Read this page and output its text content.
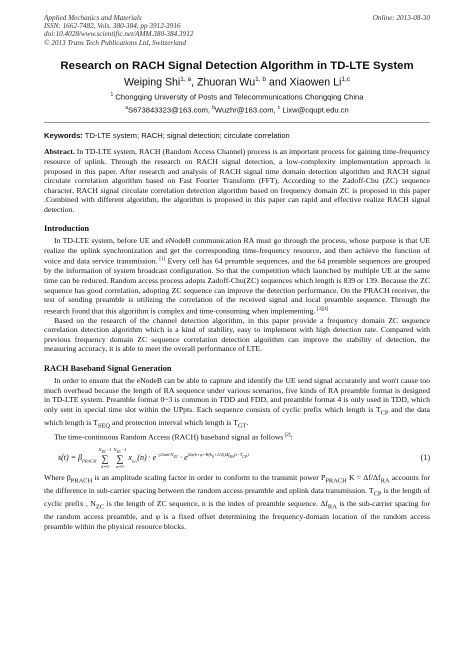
Applied Mechanics and Materials
ISSN: 1662-7482, Vols. 380-384, pp 3912-3916
doi:10.4028/www.scientific.net/AMM.380-384.3912
© 2013 Trans Tech Publications Ltd, Switzerland
Online: 2013-08-30
Research on RACH Signal Detection Algorithm in TD-LTE System
Weiping Shi$^{1, a}$, Zhuoran Wu$^{1, b}$ and Xiaowen Li$^{1,c}$
$^1$ Chongqing University of Posts and Telecommunications Chongqing China
$^a$S673843323@163.com, $^b$Wuzhr@163.com, $^c$ Lixw@cqupt.edu.cn
Keywords: TD-LTE system; RACH; signal detection; circulate correlation

Abstract. In TD-LTE system, RACH (Random Access Channel) process is an important process for gaining time-frequency resource of uplink. Through the research on RACH signal detection, a low-complexity implementation approach is proposed in this paper. After research and analysis of RACH signal time domain detection algorithm and RACH signal circulate correlation algorithm based on Fast Fourier Transform (FFT), According to the Zadoff-Chu (ZC) sequence character, RACH signal circulate correlation detection algorithm based on frequency domain ZC is proposed in this paper .Combined with different algorithm, the algorithm is proposed in this paper can rapid and effective realize RACH signal detection.

Introduction

In TD-LTE system, before UE and eNodeB communication RA must go through the process, whose purpose is that UE realize the uplink synchronization and get the corresponding time-frequency resource, and then achieve the function of voice and data service transmission. [1] Every cell has 64 preamble sequences, and the 64 preamble sequences are grouped by the information of system broadcast configuration. So that the competition which launched by multiple UE at the same time can be reduced. Random access process adopts Zadoff-Chu(ZC) sequences which length is 839 or 139. Because the ZC sequence has good correlation, adopting ZC sequence can improve the detection performance. On the PRACH receiver, the test of sending preamble is utilizing the correlation of the received signal and local preamble sequence. Through the research found that this algorithm is complex and time-consuming when implementing. [3][4]

Based on the research of the channel detection algorithm, in this paper provide a frequency domain ZC sequence correlation detection algorithm which is a kind of stability, easy to implement with high detection rate. Compared with previous frequency domain ZC sequence correlation detection algorithm can improve the stability of detection, the measuring accuracy, it is able to meet the overall performance of LTE.

RACH Baseband Signal Generation

In order to ensure that the eNodeB can be able to capture and identify the UE send signal accurately and won't cause too much overhead because the length of RA sequence under various scenarios, five kinds of RA preamble format is designed in TD-LTE system. Preamble format 0~3 is common in TDD and FDD, and preamble format 4 is only used in TDD, which only sent in special time slot within the UPpts. Each sequence consists of cyclic prefix which length is $T_{CP}$ and the data which length is $T_{SEQ}$ and protection interval which length is $T_{GT}$.

The time-continuous Random Access (RACH) baseband signal as follows [2]:

$s(t) = \beta_{PRACH}$
$N_{ZC}-1$
∑
k=0

$N_{ZC}-1$
∑
n=0
$x_{u,v}(n) \cdot e^{-j2\pi nk/N_{ZC}} \cdot e^{j2\pi(k+\varphi+K(k_0+1/2))\Delta f_{RA}(t-T_{CP})}$	(1)

Where $\beta_{PRACH}$ is an amplitude scaling factor in order to conform to the transmit power $P_{PRACH}$ $K = \Delta f/\Delta f_{RA}$ accounts for the difference in sub-carrier spacing between the random access preamble and uplink data transmission. $T_{CP}$ is the length of cyclic prefix , $N_{ZC}$ is the length of ZC sequence, n is the index of preamble sequence. $\Delta f_{RA}$ is the sub-carrier spacing for the random access preamble, and φ is a fixed offset determining the frequency-domain location of the random access preamble within the physical resource blocks.
